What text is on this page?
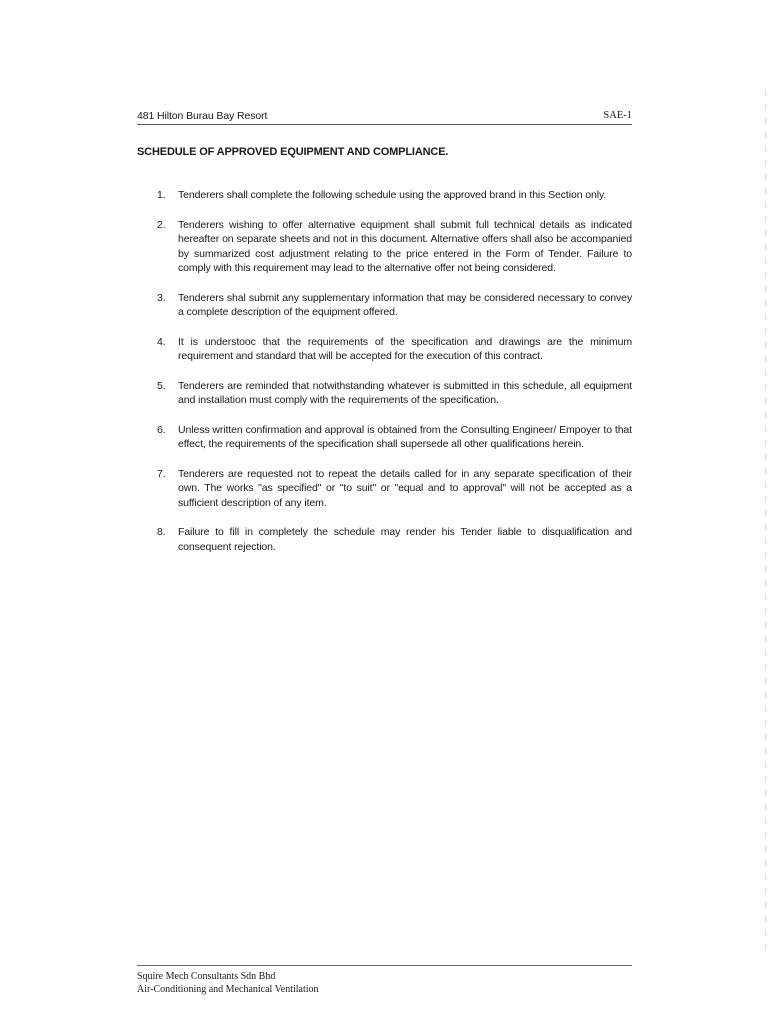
481 Hilton Burau Bay Resort	SAE-1
SCHEDULE OF APPROVED EQUIPMENT AND COMPLIANCE.
1. Tenderers shall complete the following schedule using the approved brand in this Section only.
2. Tenderers wishing to offer alternative equipment shall submit full technical details as indicated hereafter on separate sheets and not in this document. Alternative offers shall also be accompanied by summarized cost adjustment relating to the price entered in the Form of Tender. Failure to comply with this requirement may lead to the alternative offer not being considered.
3. Tenderers shal submit any supplementary information that may be considered necessary to convey a complete description of the equipment offered.
4. It is understooc that the requirements of the specification and drawings are the minimum requirement and standard that will be accepted for the execution of this contract.
5. Tenderers are reminded that notwithstanding whatever is submitted in this schedule, all equipment and installation must comply with the requirements of the specification.
6. Unless written confirmation and approval is obtained from the Consulting Engineer/ Empoyer to that effect, the requirements of the specification shall supersede all other qualifications herein.
7. Tenderers are requested not to repeat the details called for in any separate specification of their own. The works "as specified" or "to suit" or "equal and to approval" will not be accepted as a sufficient description of any item.
8. Failure to fill in completely the schedule may render his Tender liable to disqualification and consequent rejection.
Squire Mech Consultants Sdn Bhd
Air-Conditioning and Mechanical Ventilation
